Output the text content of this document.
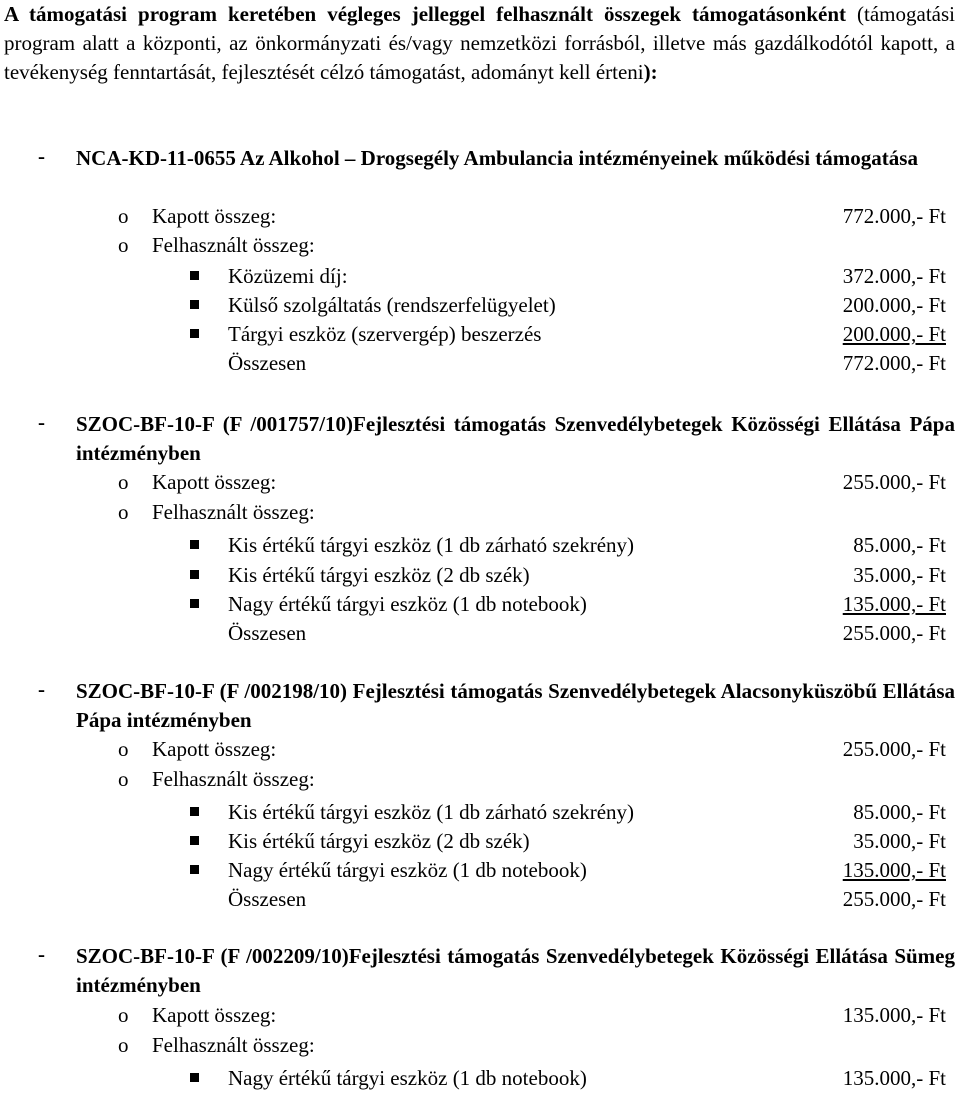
A támogatási program keretében végleges jelleggel felhasznált összegek támogatásonként (támogatási program alatt a központi, az önkormányzati és/vagy nemzetközi forrásból, illetve más gazdálkodótól kapott, a tevékenység fenntartását, fejlesztését célzó támogatást, adományt kell érteni):
- NCA-KD-11-0655 Az Alkohol – Drogsegély Ambulancia intézményeinek működési támogatása
o Kapott összeg:	772.000,- Ft
o Felhasznált összeg:
Közüzemi díj:	372.000,- Ft
Külső szolgáltatás (rendszerfelügyelet)	200.000,- Ft
Tárgyi eszköz (szervergép) beszerzés	200.000,- Ft
Összesen	772.000,- Ft
- SZOC-BF-10-F (F /001757/10)Fejlesztési támogatás Szenvedélybetegek Közösségi Ellátása Pápa intézményben
o Kapott összeg:	255.000,- Ft
o Felhasznált összeg:
Kis értékű tárgyi eszköz (1 db zárható szekrény)	85.000,- Ft
Kis értékű tárgyi eszköz (2 db szék)	35.000,- Ft
Nagy értékű tárgyi eszköz (1 db notebook)	135.000,- Ft
Összesen	255.000,- Ft
- SZOC-BF-10-F (F /002198/10) Fejlesztési támogatás Szenvedélybetegek Alacsonyküszöbű Ellátása Pápa intézményben
o Kapott összeg:	255.000,- Ft
o Felhasznált összeg:
Kis értékű tárgyi eszköz (1 db zárható szekrény)	85.000,- Ft
Kis értékű tárgyi eszköz (2 db szék)	35.000,- Ft
Nagy értékű tárgyi eszköz (1 db notebook)	135.000,- Ft
Összesen	255.000,- Ft
- SZOC-BF-10-F (F /002209/10)Fejlesztési támogatás Szenvedélybetegek Közösségi Ellátása Sümeg intézményben
o Kapott összeg:	135.000,- Ft
o Felhasznált összeg:
Nagy értékű tárgyi eszköz (1 db notebook)	135.000,- Ft
